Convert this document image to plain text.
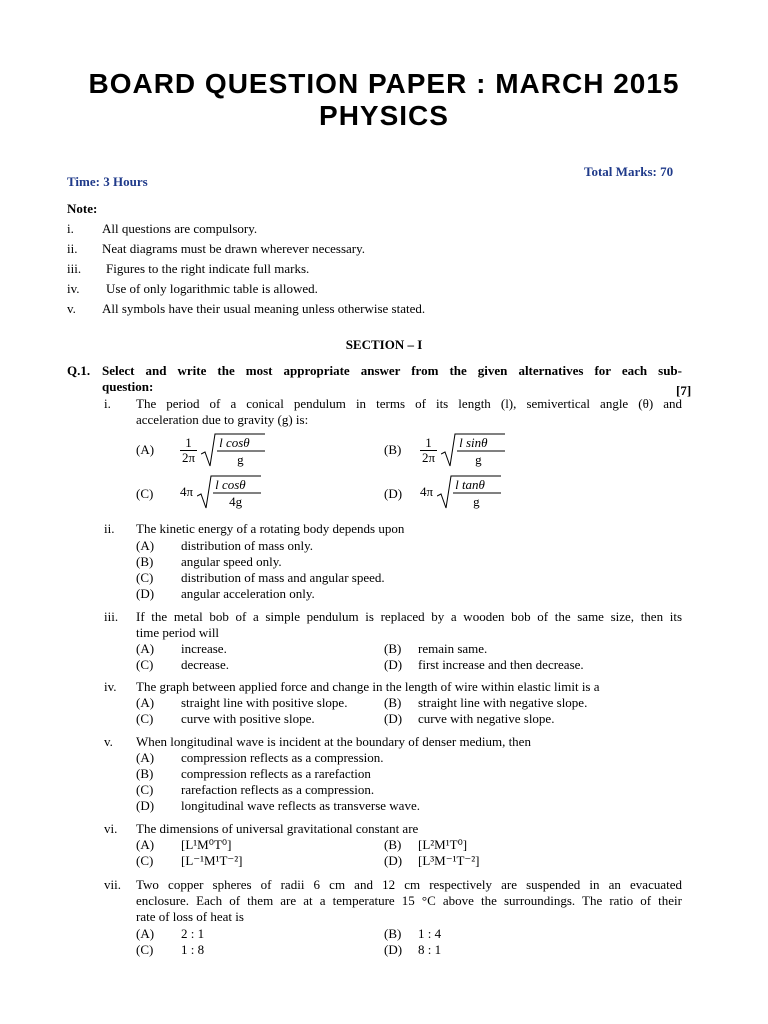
BOARD QUESTION PAPER : MARCH 2015
PHYSICS
Total Marks: 70
Time: 3 Hours
Note:
i. All questions are compulsory.
ii. Neat diagrams must be drawn wherever necessary.
iii. Figures to the right indicate full marks.
iv. Use of only logarithmic table is allowed.
v. All symbols have their usual meaning unless otherwise stated.
SECTION – I
Q.1. Select and write the most appropriate answer from the given alternatives for each sub-
question:	[7]
i. The period of a conical pendulum in terms of its length (l), semivertical angle (θ) and
acceleration due to gravity (g) is:
$(A) \frac{1}{2\pi}$
l cosθ
g
$(B) \frac{1}{2\pi}$
l sinθ
g
(C) 4π l cosθ
4g
(D) 4π l tanθ
g
ii. The kinetic energy of a rotating body depends upon
(A) distribution of mass only.
(B) angular speed only.
(C) distribution of mass and angular speed.
(D) angular acceleration only.
iii. If the metal bob of a simple pendulum is replaced by a wooden bob of the same size, then its
time period will
(A) increase.	(B) remain same.
(C) decrease.	(D) first increase and then decrease.
iv. The graph between applied force and change in the length of wire within elastic limit is a
(A) straight line with positive slope.	(B) straight line with negative slope.
(C) curve with positive slope.	(D) curve with negative slope.
v. When longitudinal wave is incident at the boundary of denser medium, then
(A) compression reflects as a compression.
(B) compression reflects as a rarefaction
(C) rarefaction reflects as a compression.
(D) longitudinal wave reflects as transverse wave.
vi. The dimensions of universal gravitational constant are
(A) [L¹M⁰T⁰]	(B) [L²M¹T⁰]
(C) [L⁻¹M¹T⁻²]	(D) [L³M⁻¹T⁻²]
vii. Two copper spheres of radii 6 cm and 12 cm respectively are suspended in an evacuated
enclosure. Each of them are at a temperature 15 °C above the surroundings. The ratio of their
rate of loss of heat is
(A) 2 : 1	(B) 1 : 4
(C) 1 : 8	(D) 8 : 1
